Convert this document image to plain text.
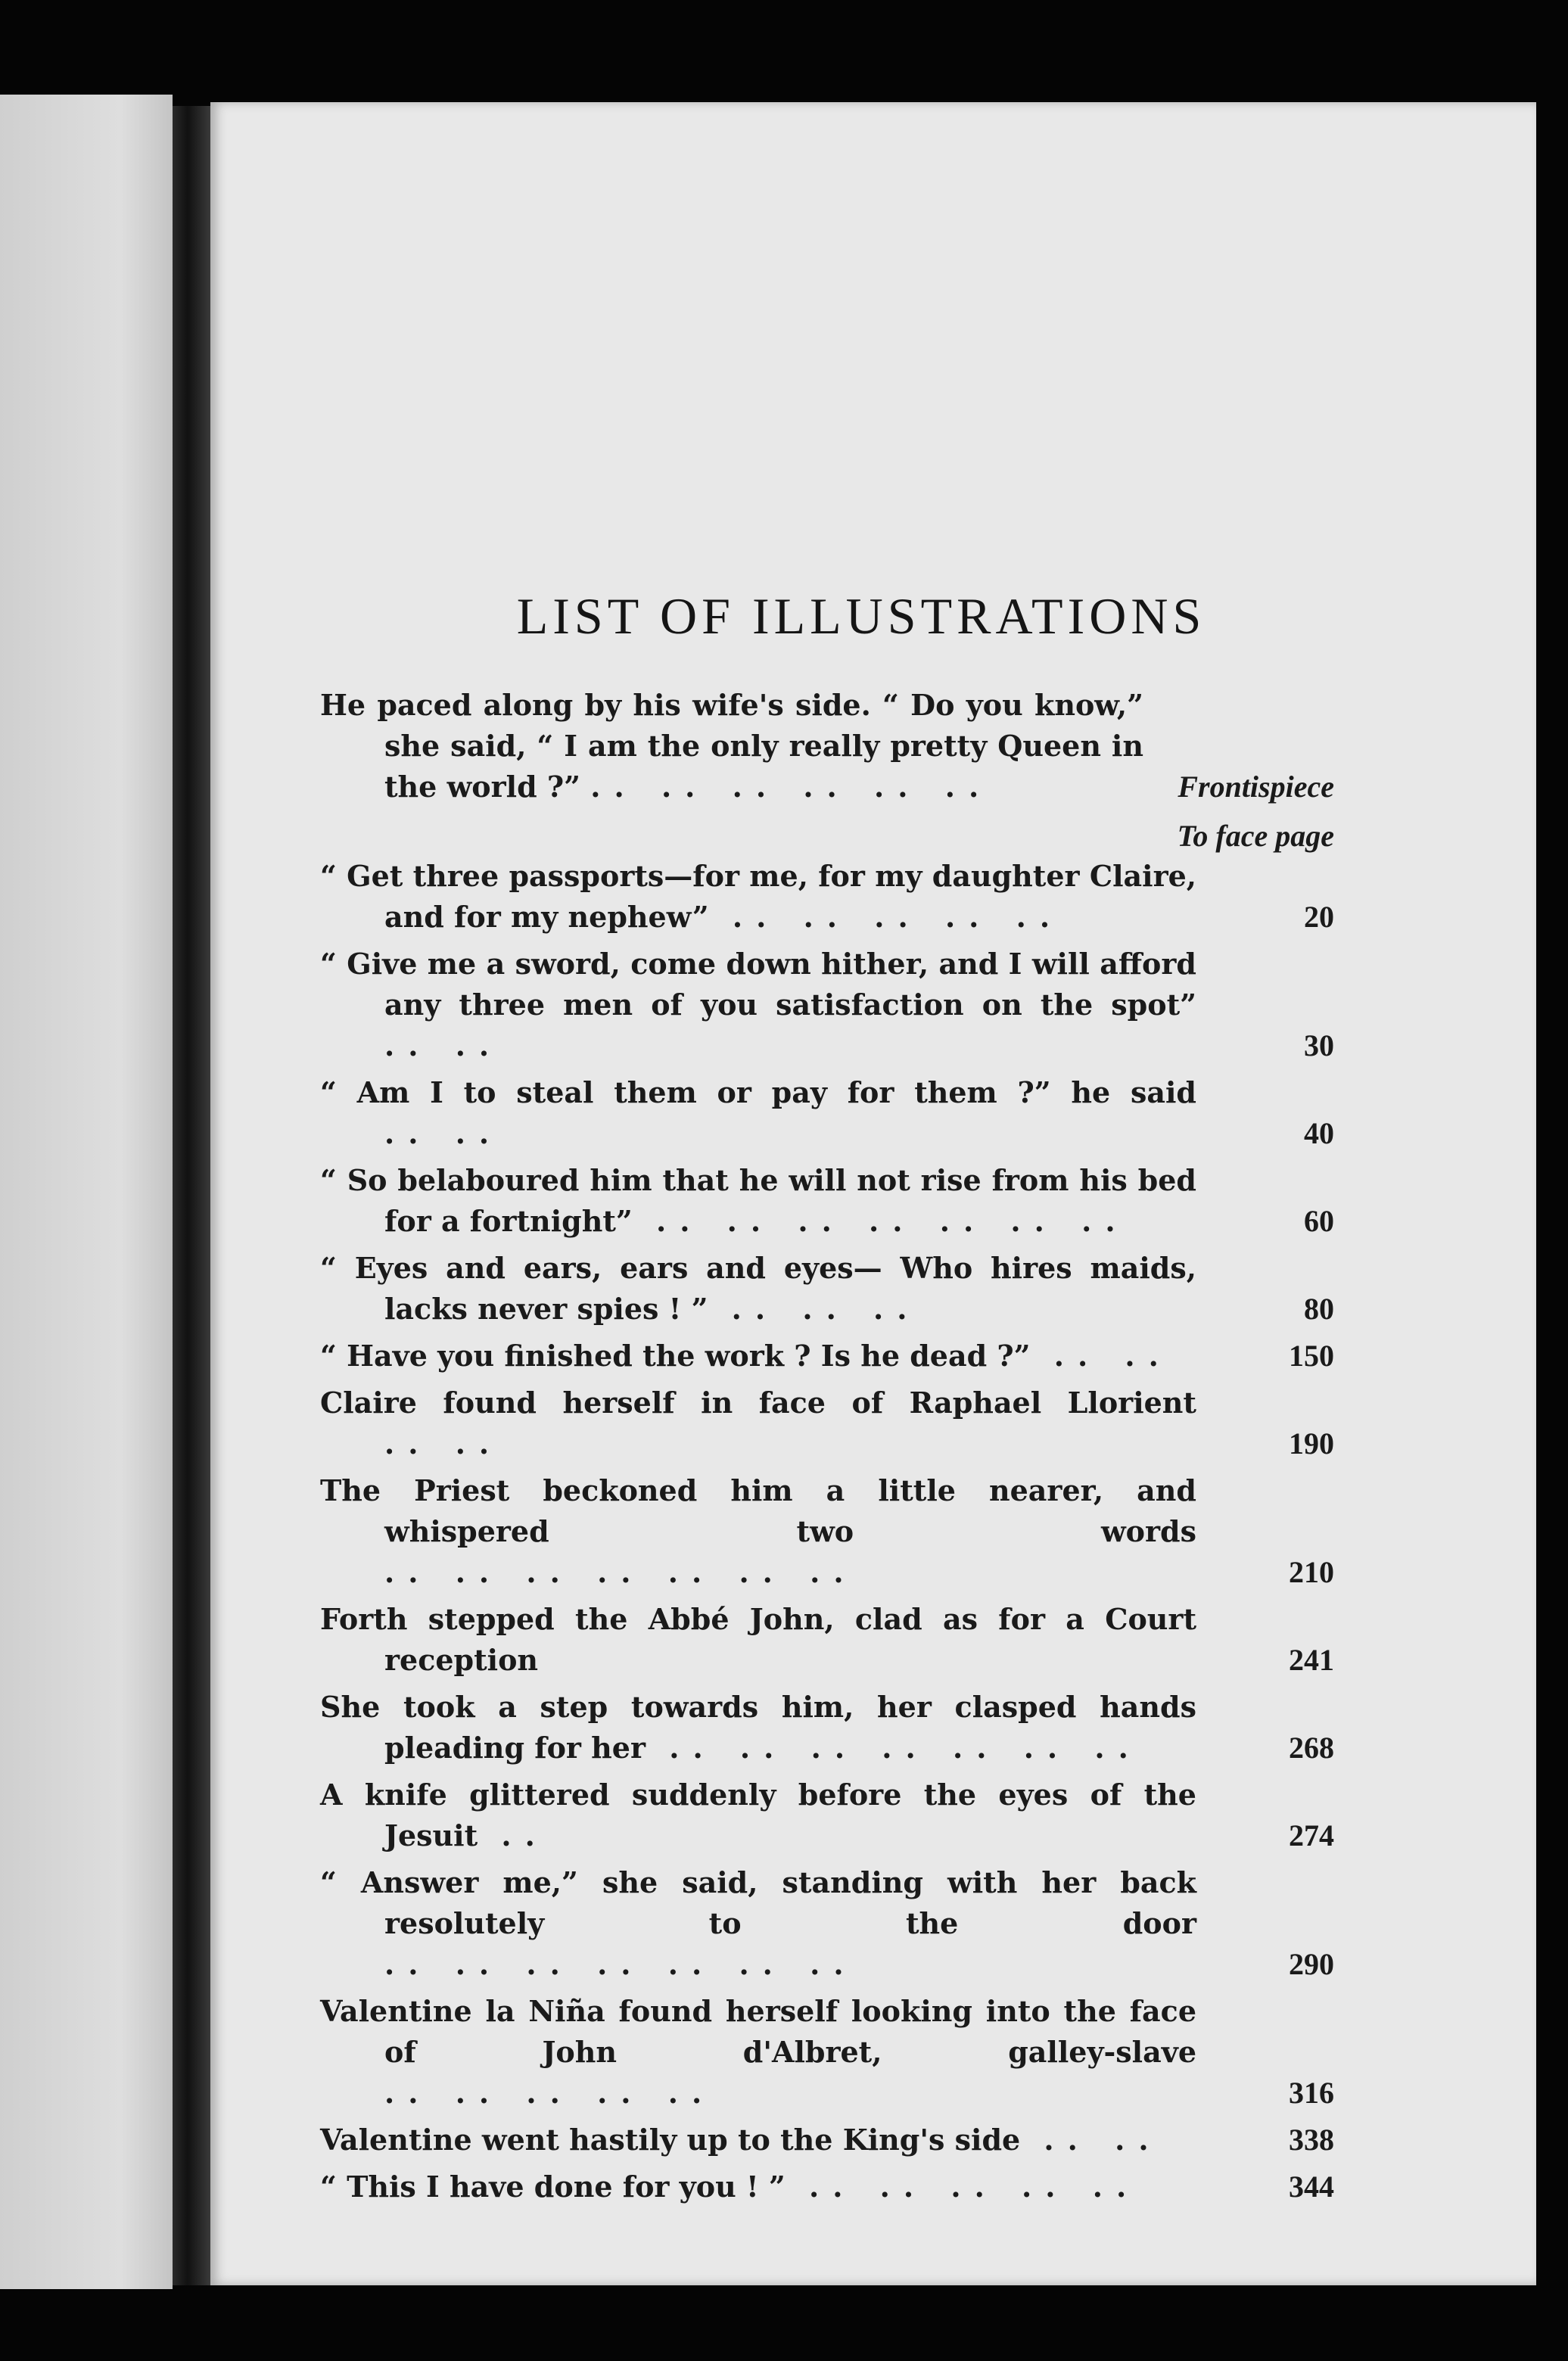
LIST OF ILLUSTRATIONS
He paced along by his wife's side. “ Do you know,” she said, “ I am the only really pretty Queen in the world ?” .. .. .. .. .. ..	Frontispiece
To face page
“ Get three passports—for me, for my daughter Claire, and for my nephew” .. .. .. .. ..	20
“ Give me a sword, come down hither, and I will afford any three men of you satisfaction on the spot” .. ..	30
“ Am I to steal them or pay for them ?” he said .. ..	40
“ So belaboured him that he will not rise from his bed for a fortnight” .. .. .. .. .. .. ..	60
“ Eyes and ears, ears and eyes— Who hires maids, lacks never spies ! ” .. .. ..	80
“ Have you finished the work ? Is he dead ?” .. ..	150
Claire found herself in face of Raphael Llorient .. ..	190
The Priest beckoned him a little nearer, and whispered two words .. .. .. .. .. .. ..	210
Forth stepped the Abbé John, clad as for a Court reception	241
She took a step towards him, her clasped hands pleading for her .. .. .. .. .. .. ..	268
A knife glittered suddenly before the eyes of the Jesuit ..	274
“ Answer me,” she said, standing with her back resolutely to the door .. .. .. .. .. .. ..	290
Valentine la Niña found herself looking into the face of John d'Albret, galley-slave .. .. .. .. ..	316
Valentine went hastily up to the King's side .. ..	338
“ This I have done for you ! ” .. .. .. .. ..	344
